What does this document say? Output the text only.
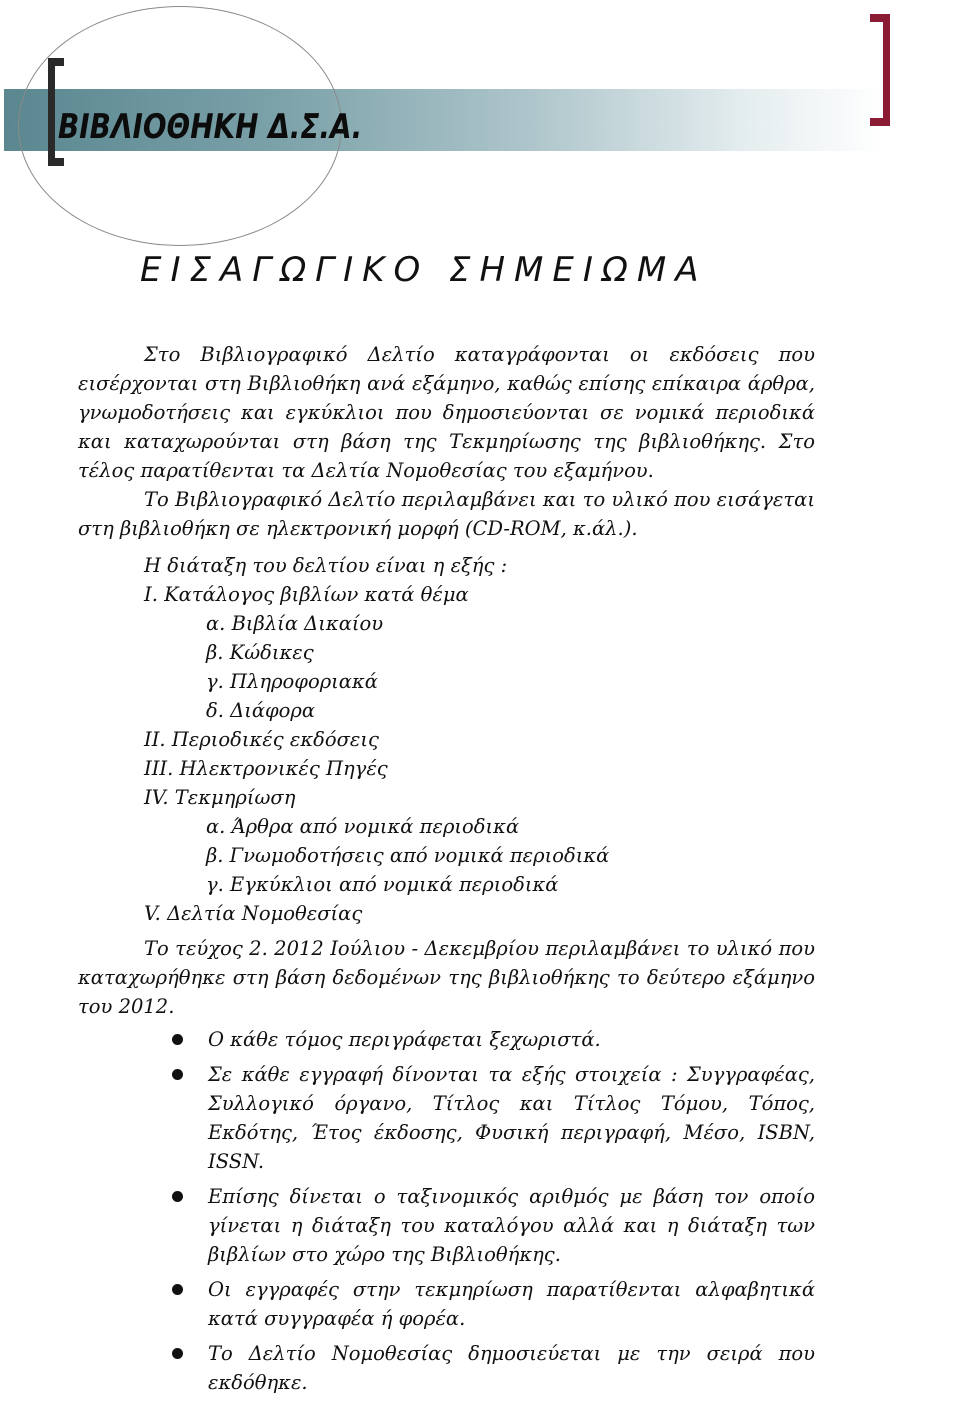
ΒΙΒΛΙΟΘΗΚΗ Δ.Σ.Α.
ΕΙΣΑΓΩΓΙΚΟ ΣΗΜΕΙΩΜΑ

Στο Βιβλιογραφικό Δελτίο καταγράφονται οι εκδόσεις που εισέρχονται στη Βιβλιοθήκη ανά εξάμηνο, καθώς επίσης επίκαιρα άρθρα, γνωμοδοτήσεις και εγκύκλιοι που δημοσιεύονται σε νομικά περιοδικά και καταχωρούνται στη βάση της Τεκμηρίωσης της βιβλιοθήκης. Στο τέλος παρατίθενται τα Δελτία Νομοθεσίας του εξαμήνου.

Το Βιβλιογραφικό Δελτίο περιλαμβάνει και το υλικό που εισάγεται στη βιβλιοθήκη σε ηλεκτρονική μορφή (CD-ROM, κ.άλ.).

Η διάταξη του δελτίου είναι η εξής :
Ι. Κατάλογος βιβλίων κατά θέμα
α. Βιβλία Δικαίου
β. Κώδικες
γ. Πληροφοριακά
δ. Διάφορα
ΙΙ. Περιοδικές εκδόσεις
ΙΙΙ. Ηλεκτρονικές Πηγές
IV. Τεκμηρίωση
α. Άρθρα από νομικά περιοδικά
β. Γνωμοδοτήσεις από νομικά περιοδικά
γ. Εγκύκλιοι από νομικά περιοδικά
V. Δελτία Νομοθεσίας

Το τεύχος 2. 2012 Ιούλιου - Δεκεμβρίου περιλαμβάνει το υλικό που καταχωρήθηκε στη βάση δεδομένων της βιβλιοθήκης το δεύτερο εξάμηνο του 2012.

Ο κάθε τόμος περιγράφεται ξεχωριστά.
Σε κάθε εγγραφή δίνονται τα εξής στοιχεία : Συγγραφέας, Συλλογικό όργανο, Τίτλος και Τίτλος Τόμου, Τόπος, Εκδότης, Έτος έκδοσης, Φυσική περιγραφή, Μέσο, ISBN, ISSN.
Επίσης δίνεται ο ταξινομικός αριθμός με βάση τον οποίο γίνεται η διάταξη του καταλόγου αλλά και η διάταξη των βιβλίων στο χώρο της Βιβλιοθήκης.
Οι εγγραφές στην τεκμηρίωση παρατίθενται αλφαβητικά κατά συγγραφέα ή φορέα.
Το Δελτίο Νομοθεσίας δημοσιεύεται με την σειρά που εκδόθηκε.
